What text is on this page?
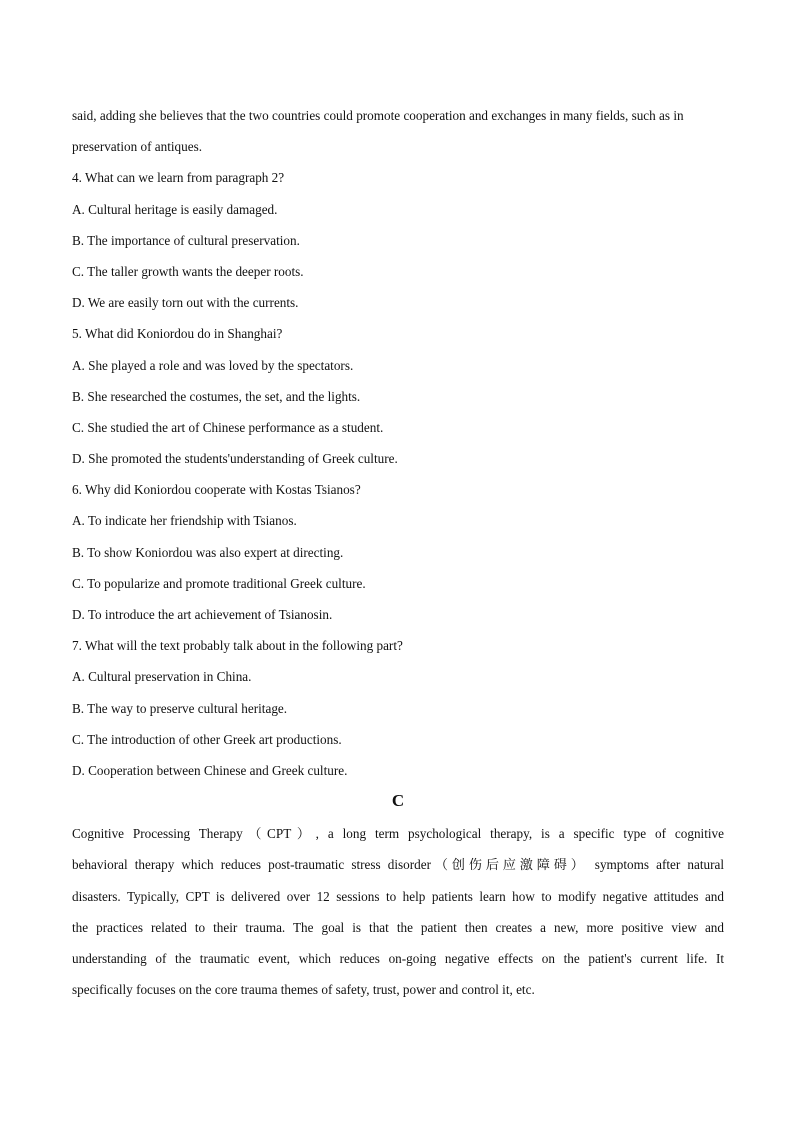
said, adding she believes that the two countries could promote cooperation and exchanges in many fields, such as in

preservation of antiques.

4. What can we learn from paragraph 2?

A. Cultural heritage is easily damaged.

B. The importance of cultural preservation.

C. The taller growth wants the deeper roots.

D. We are easily torn out with the currents.

5. What did Koniordou do in Shanghai?

A. She played a role and was loved by the spectators.

B. She researched the costumes, the set, and the lights.

C. She studied the art of Chinese performance as a student.

D. She promoted the students'understanding of Greek culture.

6. Why did Koniordou cooperate with Kostas Tsianos?

A. To indicate her friendship with Tsianos.

B. To show Koniordou was also expert at directing.

C. To popularize and promote traditional Greek culture.

D. To introduce the art achievement of Tsianosin.

7. What will the text probably talk about in the following part?

A. Cultural preservation in China.

B. The way to preserve cultural heritage.

C. The introduction of other Greek art productions.

D. Cooperation between Chinese and Greek culture.

C

Cognitive Processing Therapy（CPT）, a long term psychological therapy, is a specific type of cognitive

behavioral therapy which reduces post-traumatic stress disorder（创伤后应激障碍） symptoms after natural

disasters. Typically, CPT is delivered over 12 sessions to help patients learn how to modify negative attitudes and

the practices related to their trauma. The goal is that the patient then creates a new, more positive view and

understanding of the traumatic event, which reduces on-going negative effects on the patient's current life. It

specifically focuses on the core trauma themes of safety, trust, power and control it, etc.
